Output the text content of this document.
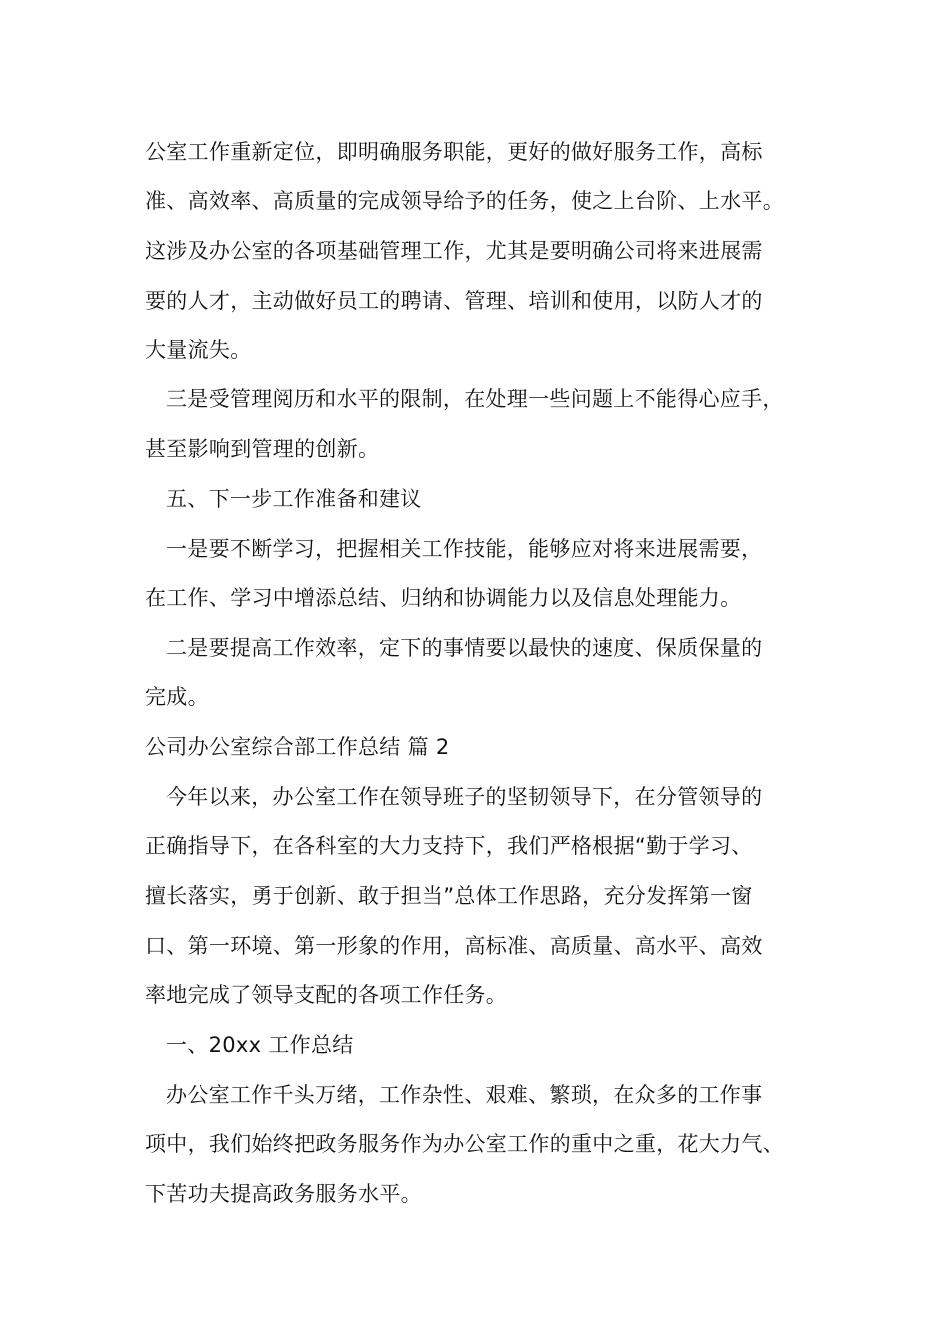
公室工作重新定位，即明确服务职能，更好的做好服务工作，高标
准、高效率、高质量的完成领导给予的任务，使之上台阶、上水平。
这涉及办公室的各项基础管理工作，尤其是要明确公司将来进展需
要的人才，主动做好员工的聘请、管理、培训和使用，以防人才的
大量流失。
三是受管理阅历和水平的限制，在处理一些问题上不能得心应手，
甚至影响到管理的创新。
五、下一步工作准备和建议
一是要不断学习，把握相关工作技能，能够应对将来进展需要，
在工作、学习中增添总结、归纳和协调能力以及信息处理能力。
二是要提高工作效率，定下的事情要以最快的速度、保质保量的
完成。
公司办公室综合部工作总结 篇 2
今年以来，办公室工作在领导班子的坚韧领导下，在分管领导的
正确指导下，在各科室的大力支持下，我们严格根据“勤于学习、
擅长落实，勇于创新、敢于担当”总体工作思路，充分发挥第一窗
口、第一环境、第一形象的作用，高标准、高质量、高水平、高效
率地完成了领导支配的各项工作任务。
一、20xx 工作总结
办公室工作千头万绪，工作杂性、艰难、繁琐，在众多的工作事
项中，我们始终把政务服务作为办公室工作的重中之重，花大力气、
下苦功夫提高政务服务水平。
